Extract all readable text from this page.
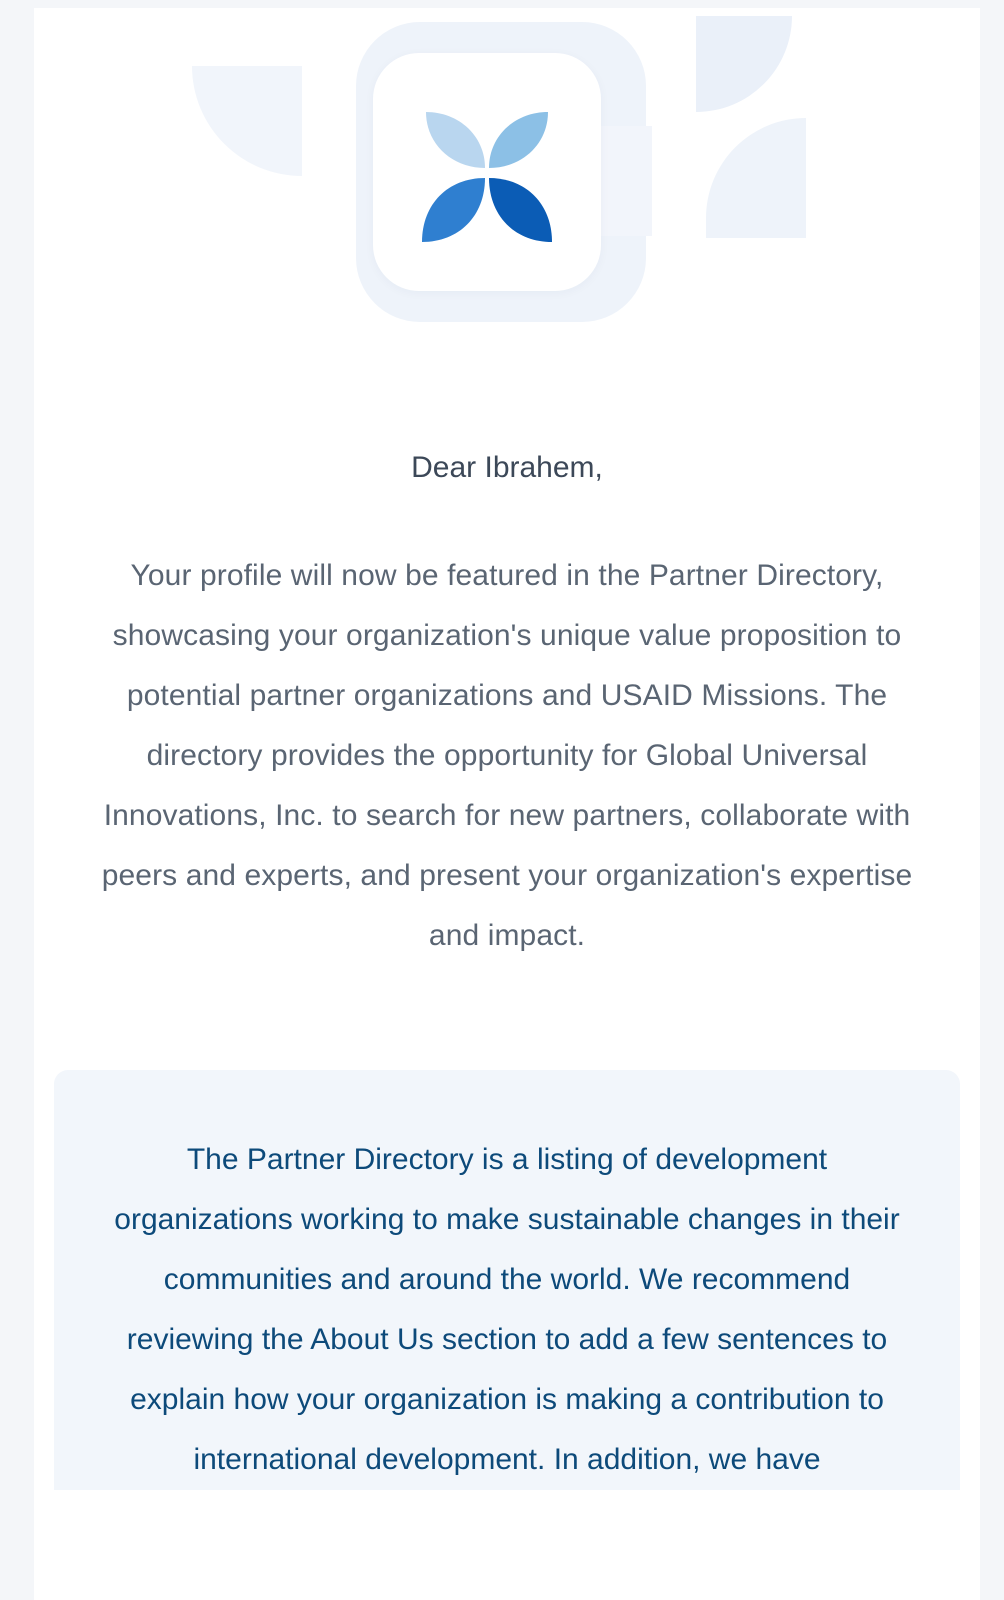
Dear Ibrahem,

Your profile will now be featured in the Partner Directory, showcasing your organization's unique value proposition to potential partner organizations and USAID Missions. The directory provides the opportunity for Global Universal Innovations, Inc. to search for new partners, collaborate with peers and experts, and present your organization's expertise and impact.

The Partner Directory is a listing of development organizations working to make sustainable changes in their communities and around the world. We recommend reviewing the About Us section to add a few sentences to explain how your organization is making a contribution to international development. In addition, we have
